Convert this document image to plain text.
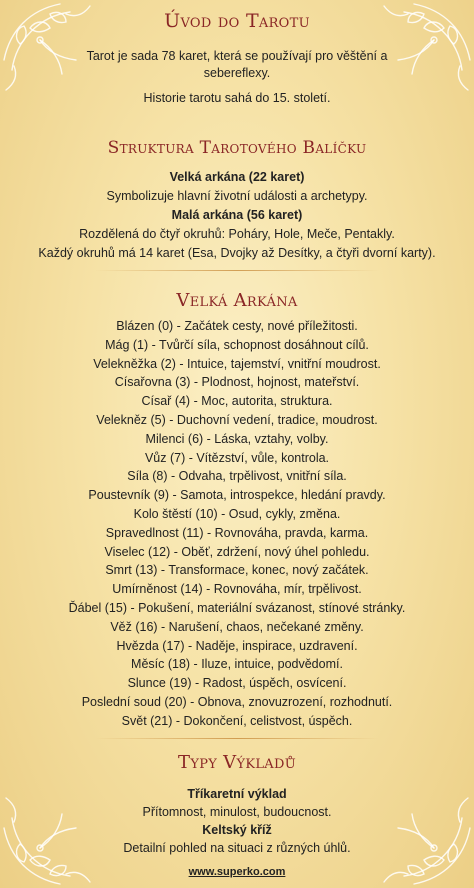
Úvod do Tarotu

Tarot je sada 78 karet, která se používají pro věštění a sebereflexy.

Historie tarotu sahá do 15. století.

Struktura Tarotového Balíčku

Velká arkána (22 karet)

Symbolizuje hlavní životní události a archetypy.

Malá arkána (56 karet)

Rozdělená do čtyř okruhů: Poháry, Hole, Meče, Pentakly.

Každý okruhů má 14 karet (Esa, Dvojky až Desítky, a čtyři dvorní karty).

Velká Arkána
Blázen (0) - Začátek cesty, nové příležitosti.
Mág (1) - Tvůrčí síla, schopnost dosáhnout cílů.
Velekněžka (2) - Intuice, tajemství, vnitřní moudrost.
Císařovna (3) - Plodnost, hojnost, mateřství.
Císař (4) - Moc, autorita, struktura.
Velekněz (5) - Duchovní vedení, tradice, moudrost.
Milenci (6) - Láska, vztahy, volby.
Vůz (7) - Vítězství, vůle, kontrola.
Síla (8) - Odvaha, trpělivost, vnitřní síla.
Poustevník (9) - Samota, introspekce, hledání pravdy.
Kolo štěstí (10) - Osud, cykly, změna.
Spravedlnost (11) - Rovnováha, pravda, karma.
Viselec (12) - Oběť, zdržení, nový úhel pohledu.
Smrt (13) - Transformace, konec, nový začátek.
Umírněnost (14) - Rovnováha, mír, trpělivost.
Ďábel (15) - Pokušení, materiální svázanost, stínové stránky.
Věž (16) - Narušení, chaos, nečekané změny.
Hvězda (17) - Naděje, inspirace, uzdravení.
Měsíc (18) - Iluze, intuice, podvědomí.
Slunce (19) - Radost, úspěch, osvícení.
Poslední soud (20) - Obnova, znovuzrození, rozhodnutí.
Svět (21) - Dokončení, celistvost, úspěch.
Typy Výkladů

Tříkaretní výklad

Přítomnost, minulost, budoucnost.

Keltský kříž

Detailní pohled na situaci z různých úhlů.

www.superko.com
